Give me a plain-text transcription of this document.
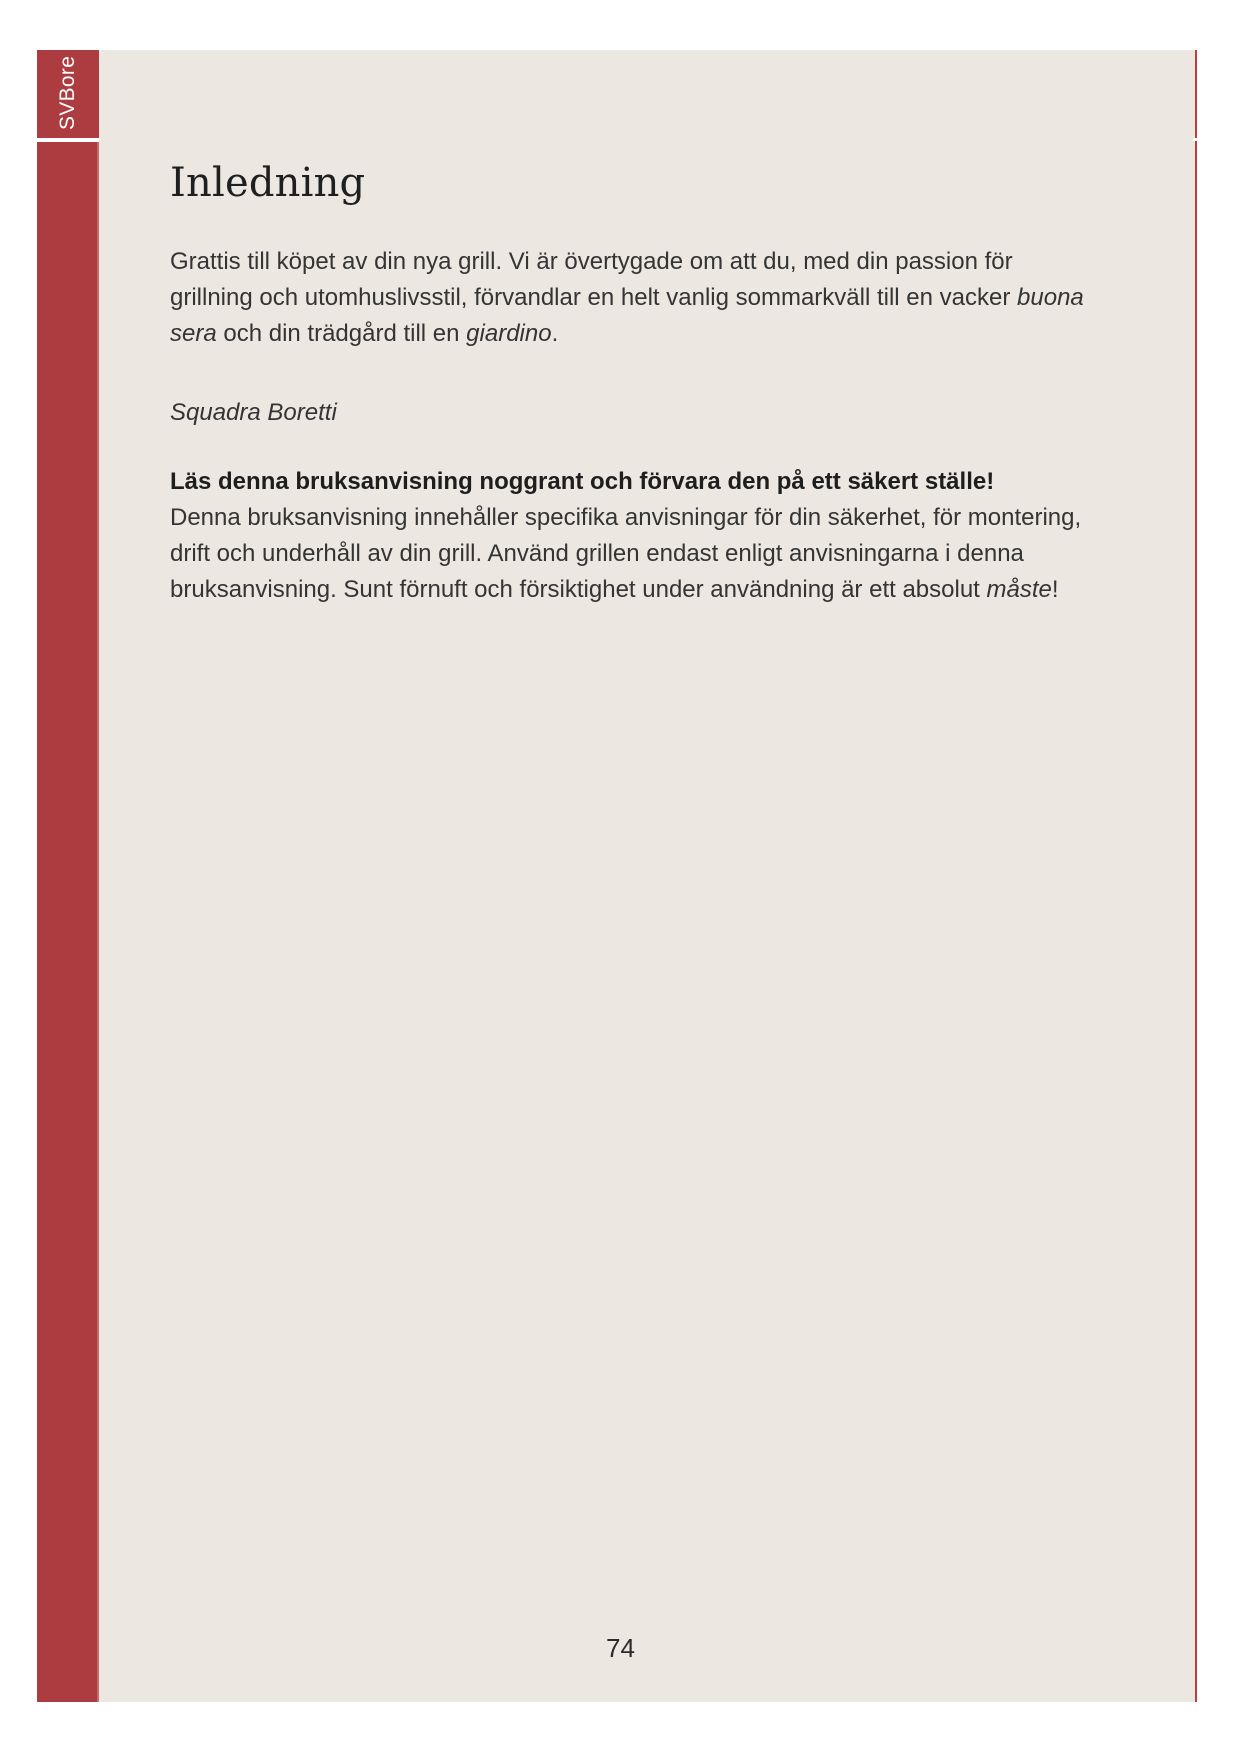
SVBore
Inledning

Grattis till köpet av din nya grill. Vi är övertygade om att du, med din passion för grillning och utomhuslivsstil, förvandlar en helt vanlig sommarkväll till en vacker buona sera och din trädgård till en giardino.

Squadra Boretti

Läs denna bruksanvisning noggrant och förvara den på ett säkert ställe!

Denna bruksanvisning innehåller specifika anvisningar för din säkerhet, för montering, drift och underhåll av din grill. Använd grillen endast enligt anvisningarna i denna bruksanvisning. Sunt förnuft och försiktighet under användning är ett absolut måste!

74
